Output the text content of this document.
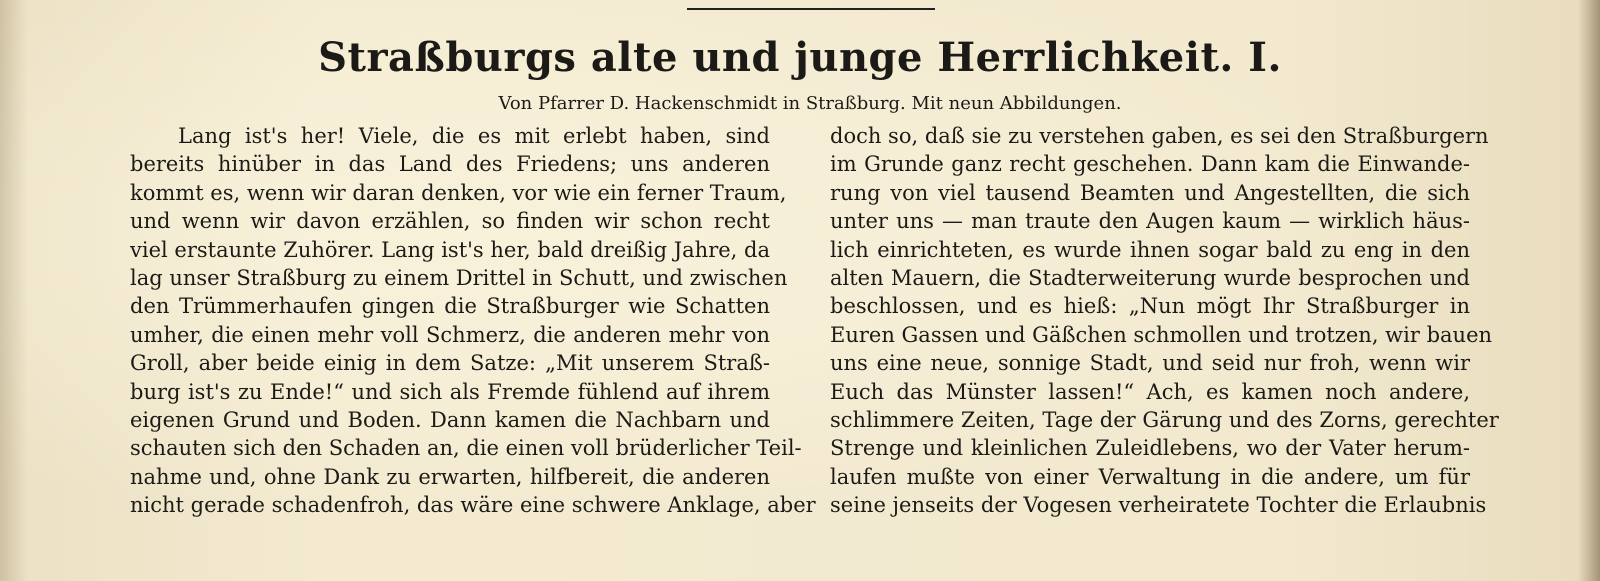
Straßburgs alte und junge Herrlichkeit. I.
Von Pfarrer D. Hackenschmidt in Straßburg. Mit neun Abbildungen.
Lang ist's her! Viele, die es mit erlebt haben, sind
bereits hinüber in das Land des Friedens; uns anderen
kommt es, wenn wir daran denken, vor wie ein ferner Traum,
und wenn wir davon erzählen, so finden wir schon recht
viel erstaunte Zuhörer. Lang ist's her, bald dreißig Jahre, da
lag unser Straßburg zu einem Drittel in Schutt, und zwischen
den Trümmerhaufen gingen die Straßburger wie Schatten
umher, die einen mehr voll Schmerz, die anderen mehr von
Groll, aber beide einig in dem Satze: „Mit unserem Straß-
burg ist's zu Ende!“ und sich als Fremde fühlend auf ihrem
eigenen Grund und Boden. Dann kamen die Nachbarn und
schauten sich den Schaden an, die einen voll brüderlicher Teil-
nahme und, ohne Dank zu erwarten, hilfbereit, die anderen
nicht gerade schadenfroh, das wäre eine schwere Anklage, aber
doch so, daß sie zu verstehen gaben, es sei den Straßburgern
im Grunde ganz recht geschehen. Dann kam die Einwande-
rung von viel tausend Beamten und Angestellten, die sich
unter uns — man traute den Augen kaum — wirklich häus-
lich einrichteten, es wurde ihnen sogar bald zu eng in den
alten Mauern, die Stadterweiterung wurde besprochen und
beschlossen, und es hieß: „Nun mögt Ihr Straßburger in
Euren Gassen und Gäßchen schmollen und trotzen, wir bauen
uns eine neue, sonnige Stadt, und seid nur froh, wenn wir
Euch das Münster lassen!“ Ach, es kamen noch andere,
schlimmere Zeiten, Tage der Gärung und des Zorns, gerechter
Strenge und kleinlichen Zuleidlebens, wo der Vater herum-
laufen mußte von einer Verwaltung in die andere, um für
seine jenseits der Vogesen verheiratete Tochter die Erlaubnis
